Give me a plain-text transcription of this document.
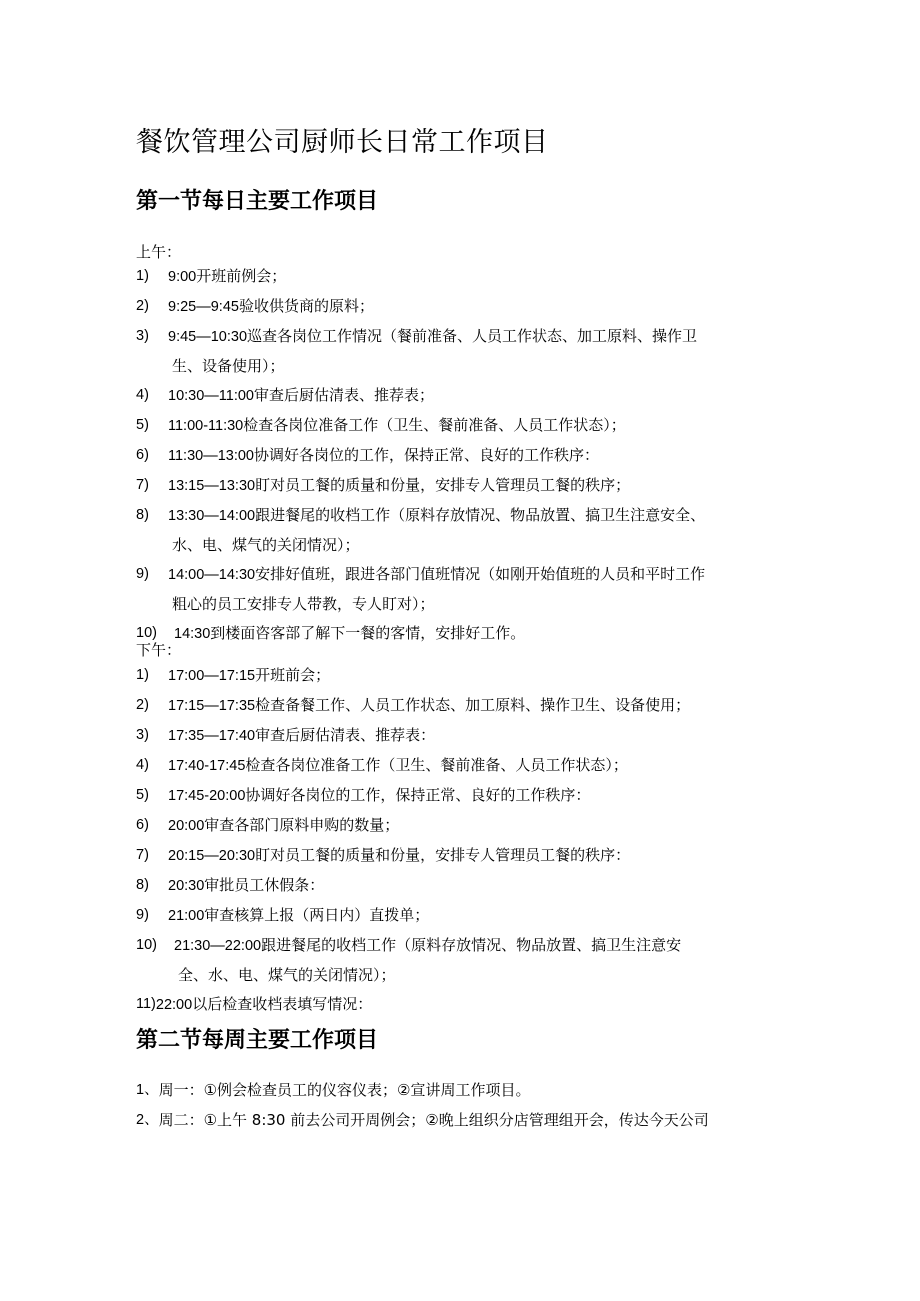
餐饮管理公司厨师长日常工作项目
第一节每日主要工作项目
上午：
1)	9:00开班前例会；
2)	9:25—9:45验收供货商的原料；
3)	9:45—10:30巡查各岗位工作情况（餐前准备、人员工作状态、加工原料、操作卫
生、设备使用）；
4)	10:30—11:00审查后厨估清表、推荐表；
5)	11:00-11:30检查各岗位准备工作（卫生、餐前准备、人员工作状态）；
6)	11:30—13:00协调好各岗位的工作，保持正常、良好的工作秩序：
7)	13:15—13:30盯对员工餐的质量和份量，安排专人管理员工餐的秩序；
8)	13:30—14:00跟进餐尾的收档工作（原料存放情况、物品放置、搞卫生注意安全、
水、电、煤气的关闭情况）；
9)	14:00—14:30安排好值班，跟进各部门值班情况（如刚开始值班的人员和平时工作
粗心的员工安排专人带教，专人盯对）；
10)	14:30到楼面咨客部了解下一餐的客情，安排好工作。
下午：
1)	17:00—17:15开班前会；
2)	17:15—17:35检查备餐工作、人员工作状态、加工原料、操作卫生、设备使用；
3)	17:35—17:40审查后厨估清表、推荐表：
4)	17:40-17:45检查各岗位准备工作（卫生、餐前准备、人员工作状态）；
5)	17:45-20:00协调好各岗位的工作，保持正常、良好的工作秩序：
6)	20:00审查各部门原料申购的数量；
7)	20:15—20:30盯对员工餐的质量和份量，安排专人管理员工餐的秩序：
8)	20:30审批员工休假条：
9)	21:00审查核算上报（两日内）直拨单；
10)	21:30—22:00跟进餐尾的收档工作（原料存放情况、物品放置、搞卫生注意安
全、水、电、煤气的关闭情况）；
11) 22:00以后检查收档表填写情况：
第二节每周主要工作项目
1、 周一：①例会检查员工的仪容仪表；②宣讲周工作项目。
2、 周二：①上午 8:30 前去公司开周例会；②晚上组织分店管理组开会，传达今天公司
